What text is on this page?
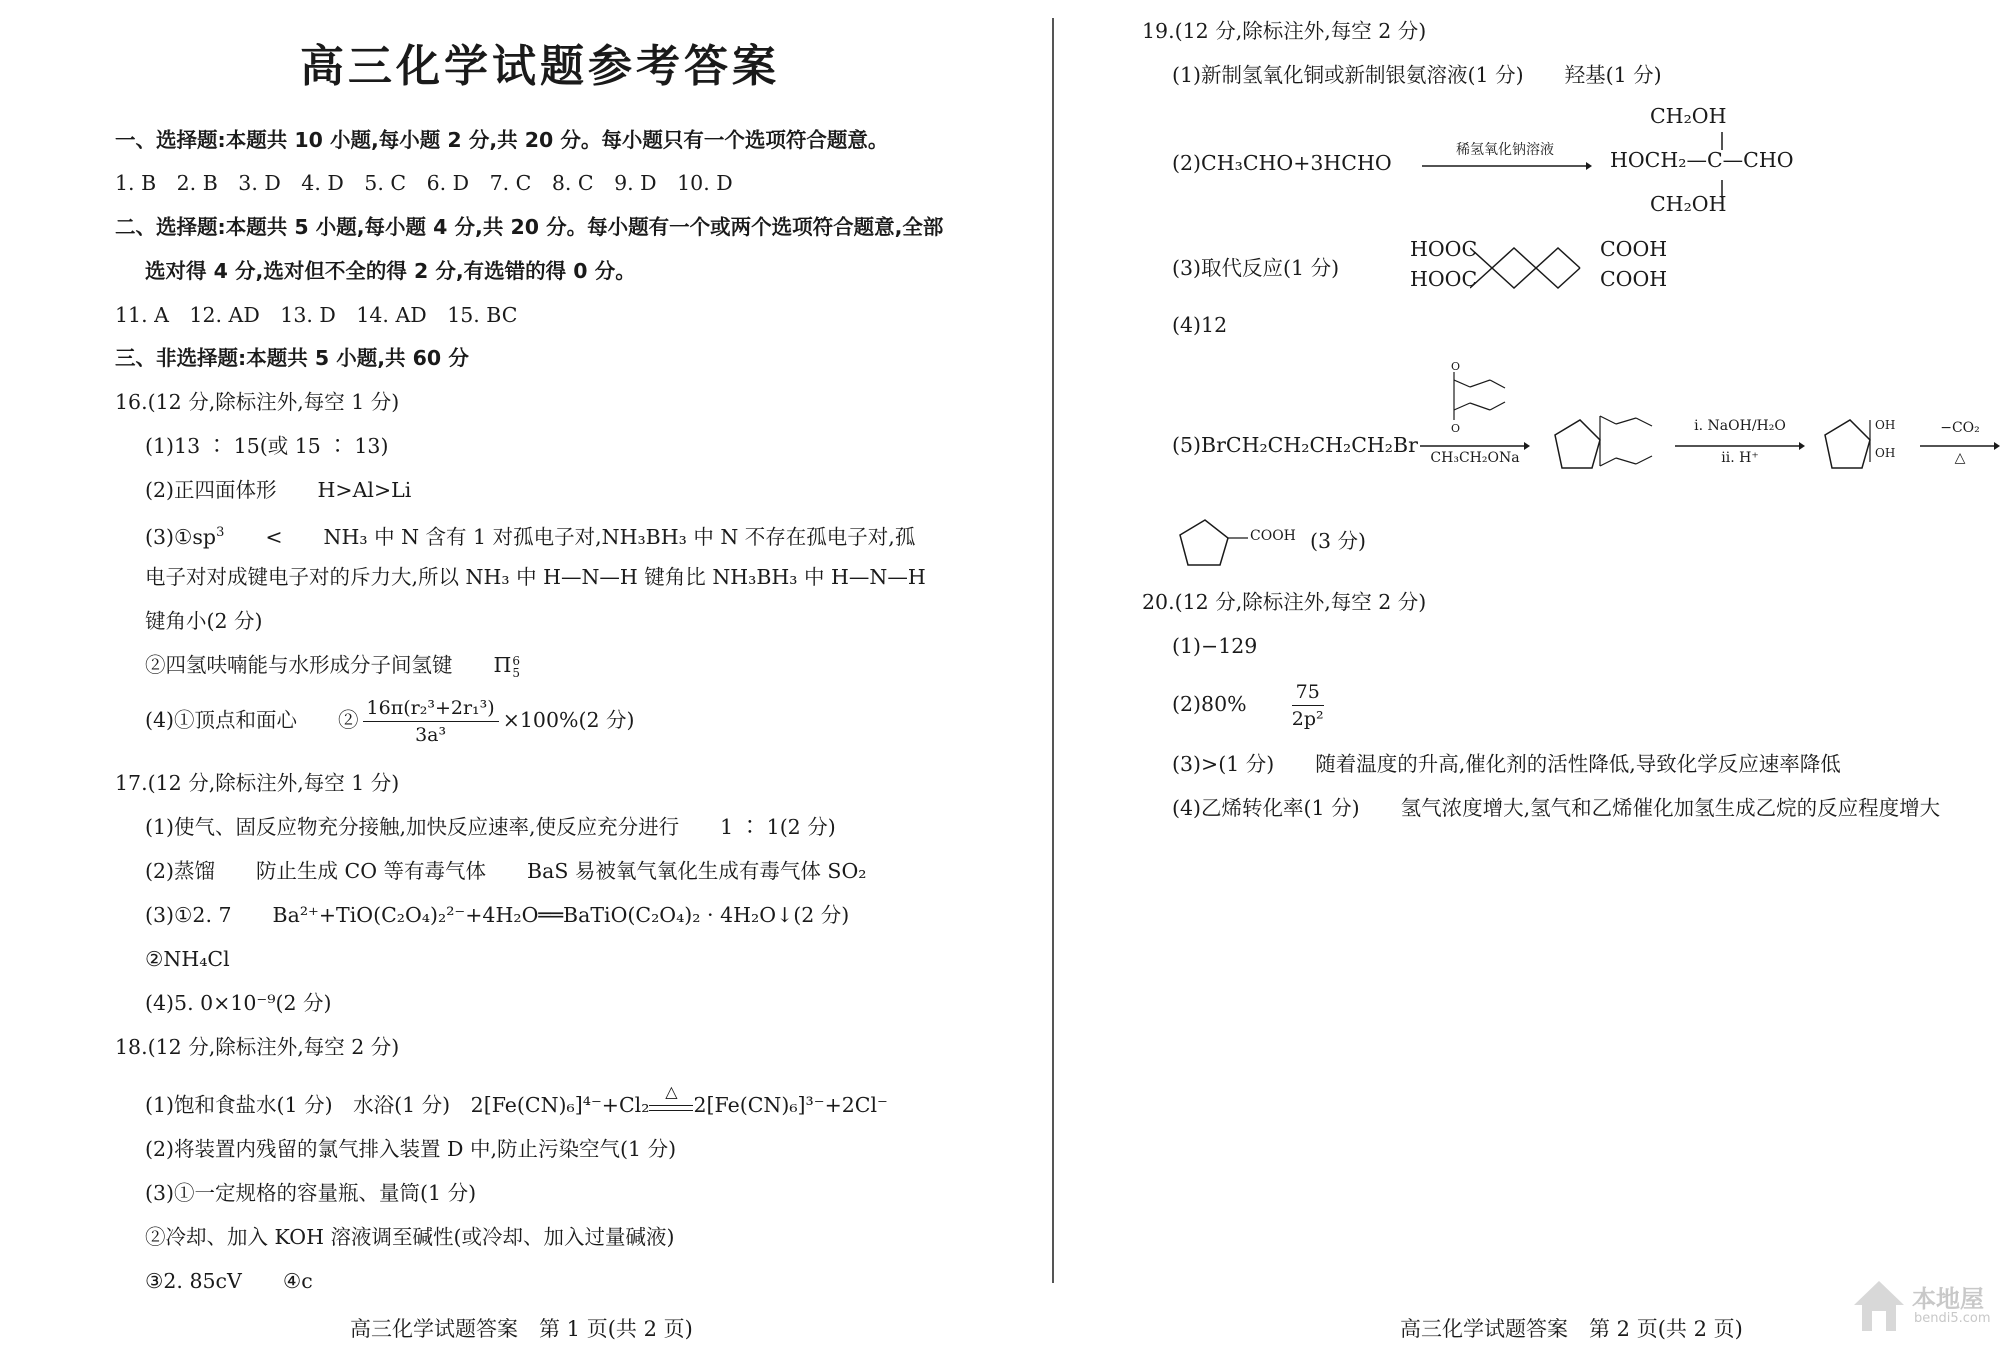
高三化学试题参考答案
一、选择题:本题共 10 小题,每小题 2 分,共 20 分。每小题只有一个选项符合题意。
1. B　2. B　3. D　4. D　5. C　6. D　7. C　8. C　9. D　10. D
二、选择题:本题共 5 小题,每小题 4 分,共 20 分。每小题有一个或两个选项符合题意,全部
选对得 4 分,选对但不全的得 2 分,有选错的得 0 分。
11. A　12. AD　13. D　14. AD　15. BC
三、非选择题:本题共 5 小题,共 60 分
16.(12 分,除标注外,每空 1 分)
(1)13 ∶ 15(或 15 ∶ 13)
(2)正四面体形　　H>Al>Li
$(3)①sp^3$　　<　　NH₃ 中 N 含有 1 对孤电子对,NH₃BH₃ 中 N 不存在孤电子对,孤
电子对对成键电子对的斥力大,所以 NH₃ 中 H—N—H 键角比 NH₃BH₃ 中 H—N—H
键角小(2 分)
②四氢呋喃能与水形成分子间氢键　　Π 6
5
(4)①顶点和面心　　② $\frac{\text{16π(r₂³+2r₁³)}}{\text{3a³}} \times 100\%(2$ 分)
17.(12 分,除标注外,每空 1 分)
(1)使气、固反应物充分接触,加快反应速率,使反应充分进行　　1 ∶ 1(2 分)
(2)蒸馏　　防止生成 CO 等有毒气体　　BaS 易被氧气氧化生成有毒气体 SO₂
(3)①2. 7　　Ba²⁺+TiO(C₂O₄)₂²⁻+4H₂O══BaTiO(C₂O₄)₂ · 4H₂O↓(2 分)
②NH₄Cl
(4)5. 0×10⁻⁹(2 分)
18.(12 分,除标注外,每空 2 分)
(1)饱和食盐水(1 分)　水浴(1 分)　2[Fe(CN)₆]⁴⁻+Cl₂
△
2[Fe(CN)₆]³⁻+2Cl⁻
(2)将装置内残留的氯气排入装置 D 中,防止污染空气(1 分)
(3)①一定规格的容量瓶、量筒(1 分)
②冷却、加入 KOH 溶液调至碱性(或冷却、加入过量碱液)
③2. 85cV　　④c
高三化学试题答案　第 1 页(共 2 页)
19.(12 分,除标注外,每空 2 分)
(1)新制氢氧化铜或新制银氨溶液(1 分)　　羟基(1 分)
(2)CH₃CHO+3HCHO
稀氢氧化钠溶液
CH₂OH
HOCH₂—C—CHO
CH₂OH
(3)取代反应(1 分)
HOOC
HOOC
COOH
COOH
(4)12
(5)BrCH₂CH₂CH₂CH₂Br
O
O
CH₃CH₂ONa
ⅰ. NaOH/H₂O
ⅱ. H⁺
OH
OH
−CO₂
△
COOH (3 分)
20.(12 分,除标注外,每空 2 分)
(1)−129
(2)80%　　 $\frac{75}{\text{2p²}}$
(3)>(1 分)　　随着温度的升高,催化剂的活性降低,导致化学反应速率降低
(4)乙烯转化率(1 分)　　氢气浓度增大,氢气和乙烯催化加氢生成乙烷的反应程度增大
高三化学试题答案　第 2 页(共 2 页)
本地屋
bendi5.com
